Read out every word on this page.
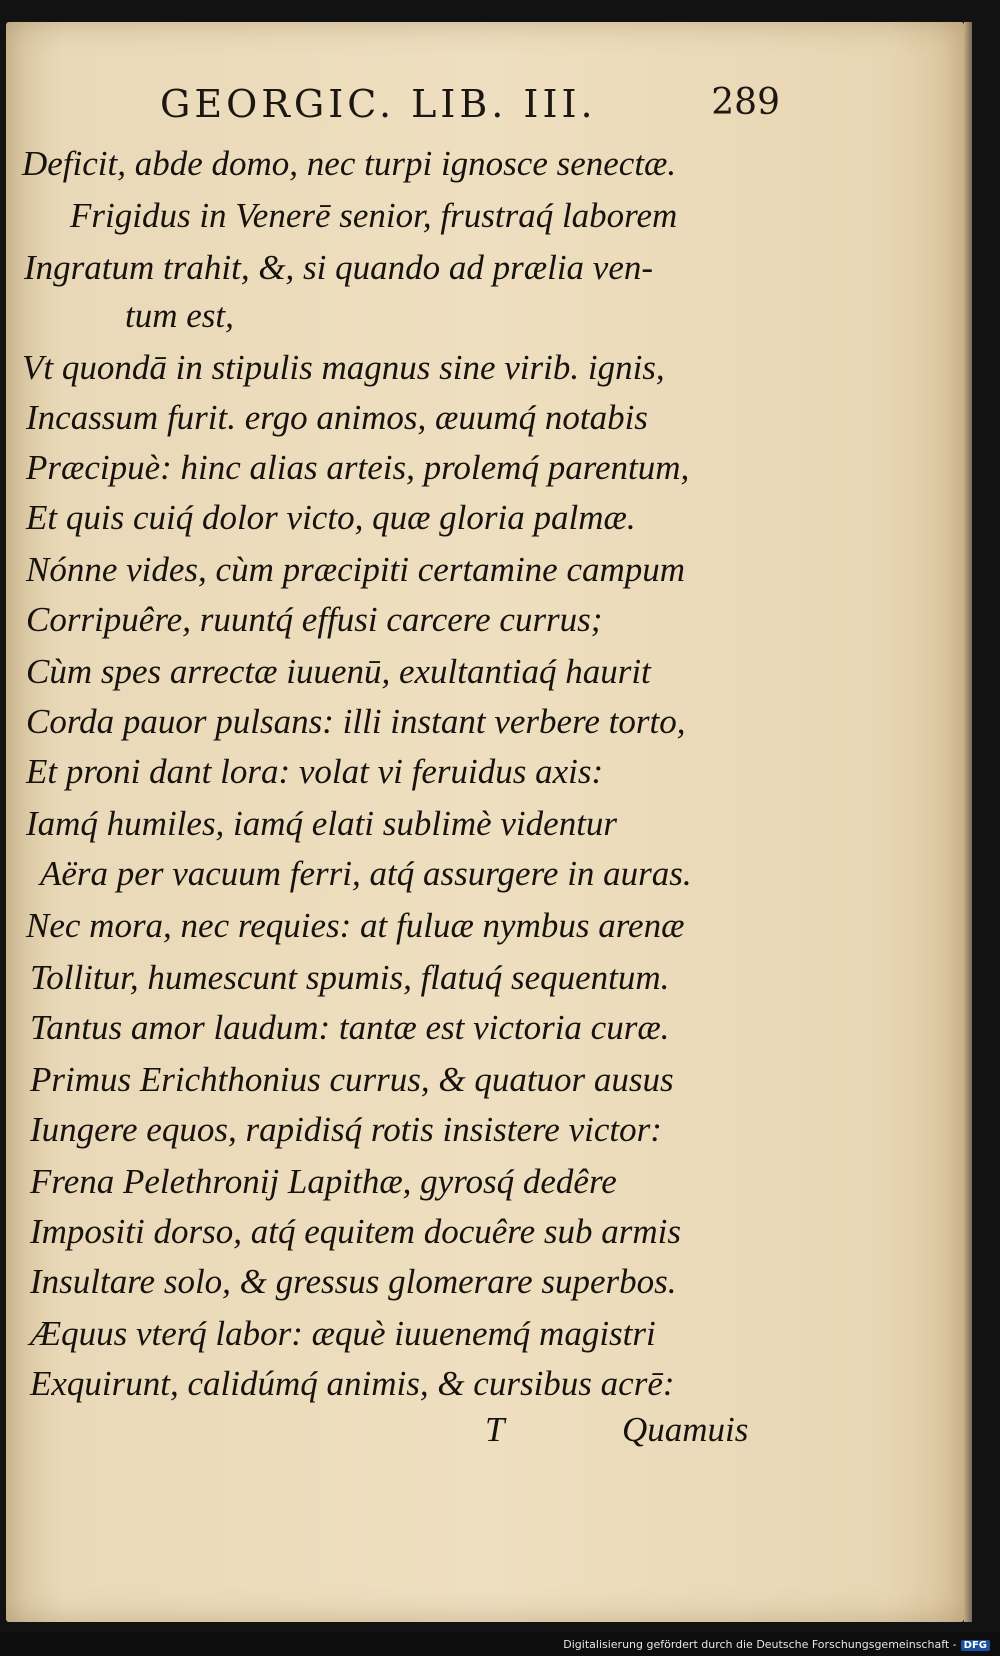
GEORGIC. LIB. III.	289
Deficit, abde domo, nec turpi ignosce senectæ.
Frigidus in Venerē senior, frustraq́ laborem
Ingratum trahit, &, si quando ad prælia ven-
tum est,
Vt quondā in stipulis magnus sine virib. ignis,
Incassum furit. ergo animos, æuumq́ notabis
Præcipuè: hinc alias arteis, prolemq́ parentum,
Et quis cuiq́ dolor victo, quæ gloria palmæ.
Nónne vides, cùm præcipiti certamine campum
Corripuêre, ruuntq́ effusi carcere currus;
Cùm spes arrectæ iuuenū, exultantiaq́ haurit
Corda pauor pulsans: illi instant verbere torto,
Et proni dant lora: volat vi feruidus axis:
Iamq́ humiles, iamq́ elati sublimè videntur
Aëra per vacuum ferri, atq́ assurgere in auras.
Nec mora, nec requies: at fuluæ nymbus arenæ
Tollitur, humescunt spumis, flatuq́ sequentum.
Tantus amor laudum: tantæ est victoria curæ.
Primus Erichthonius currus, & quatuor ausus
Iungere equos, rapidisq́ rotis insistere victor:
Frena Pelethronij Lapithæ, gyrosq́ dedêre
Impositi dorso, atq́ equitem docuêre sub armis
Insultare solo, & gressus glomerare superbos.
Æquus vterq́ labor: æquè iuuenemq́ magistri
Exquirunt, calidúmq́ animis, & cursibus acrē:
T	Quamuis
Digitalisierung gefördert durch die Deutsche Forschungsgemeinschaft - DFG
